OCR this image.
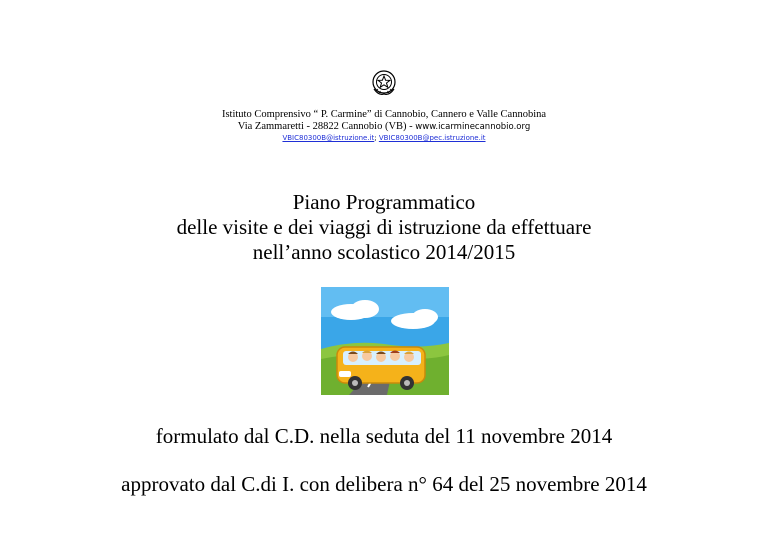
Istituto Comprensivo “ P. Carmine” di Cannobio, Cannero e Valle Cannobina
Via Zammaretti - 28822 Cannobio (VB) - www.icarminecannobio.org
VBIC80300B@istruzione.it; VBIC80300B@pec.istruzione.it
Piano Programmatico
delle visite e dei viaggi di istruzione da effettuare
nell’anno scolastico 2014/2015
formulato dal C.D. nella seduta del 11 novembre 2014
approvato dal C.di I. con delibera n° 64 del 25 novembre 2014
